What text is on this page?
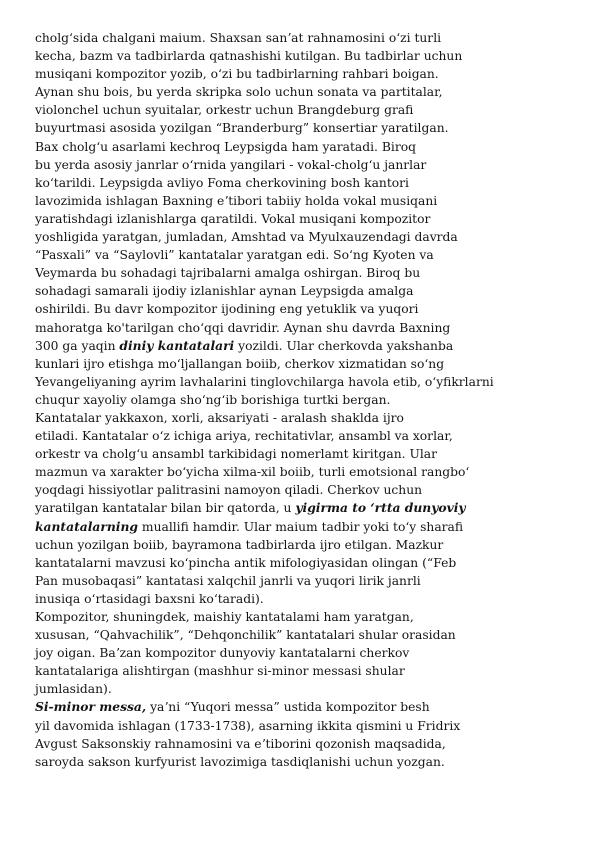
cholgʻsida chalgani maium. Shaxsan sanʼat rahnamosini oʻzi turli
kecha, bazm va tadbirlarda qatnashishi kutilgan. Bu tadbirlar uchun
musiqani kompozitor yozib, oʻzi bu tadbirlarning rahbari boigan.
Aynan shu bois, bu yerda skripka solo uchun sonata va partitalar,
violonchel uchun syuitalar, orkestr uchun Brangdeburg grafi
buyurtmasi asosida yozilgan “Branderburg” konsertiar yaratilgan.
Bax cholgʻu asarlami kechroq Leypsigda ham yaratadi. Biroq
bu yerda asosiy janrlar oʻrnida yangilari - vokal-cholgʻu janrlar
koʻtarildi. Leypsigda avliyo Foma cherkovining bosh kantori
lavozimida ishlagan Baxning eʼtibori tabiiy holda vokal musiqani
yaratishdagi izlanishlarga qaratildi. Vokal musiqani kompozitor
yoshligida yaratgan, jumladan, Amshtad va Myulxauzendagi davrda
“Pasxali” va “Saylovli” kantatalar yaratgan edi. Soʻng Kyoten va
Veymarda bu sohadagi tajribalarni amalga oshirgan. Biroq bu
sohadagi samarali ijodiy izlanishlar aynan Leypsigda amalga
oshirildi. Bu davr kompozitor ijodining eng yetuklik va yuqori
mahoratga ko'tarilgan choʻqqi davridir. Aynan shu davrda Baxning
300 ga yaqin diniy kantatalari yozildi. Ular cherkovda yakshanba
kunlari ijro etishga moʻljallangan boiib, cherkov xizmatidan soʻng
Yevangeliyaning ayrim lavhalarini tinglovchilarga havola etib, oʻyfikrlarni
chuqur xayoliy olamga shoʻngʻib borishiga turtki bergan.
Kantatalar yakkaxon, xorli, aksariyati - aralash shaklda ijro
etiladi. Kantatalar oʻz ichiga ariya, rechitativlar, ansambl va xorlar,
orkestr va cholgʻu ansambl tarkibidagi nomerlamt kiritgan. Ular
mazmun va xarakter boʻyicha xilma-xil boiib, turli emotsional rangboʻ
yoqdagi hissiyotlar palitrasini namoyon qiladi. Cherkov uchun
yaratilgan kantatalar bilan bir qatorda, u yigirma to ‘rtta dunyoviy
kantatalarning muallifi hamdir. Ular maium tadbir yoki toʻy sharafi
uchun yozilgan boiib, bayramona tadbirlarda ijro etilgan. Mazkur
kantatalarni mavzusi koʻpincha antik mifologiyasidan olingan (“Feb
Pan musobaqasi” kantatasi xalqchil janrli va yuqori lirik janrli
inusiqa oʻrtasidagi baxsni koʻtaradi).
Kompozitor, shuningdek, maishiy kantatalami ham yaratgan,
xususan, “Qahvachilik”, “Dehqonchilik” kantatalari shular orasidan
joy oigan. Baʼzan kompozitor dunyoviy kantatalarni cherkov
kantatalariga alishtirgan (mashhur si-minor messasi shular
jumlasidan).
Si-minor messa, yaʼni “Yuqori messa” ustida kompozitor besh
yil davomida ishlagan (1733-1738), asarning ikkita qismini u Fridrix
Avgust Saksonskiy rahnamosini va eʼtiborini qozonish maqsadida,
saroyda sakson kurfyurist lavozimiga tasdiqlanishi uchun yozgan.
